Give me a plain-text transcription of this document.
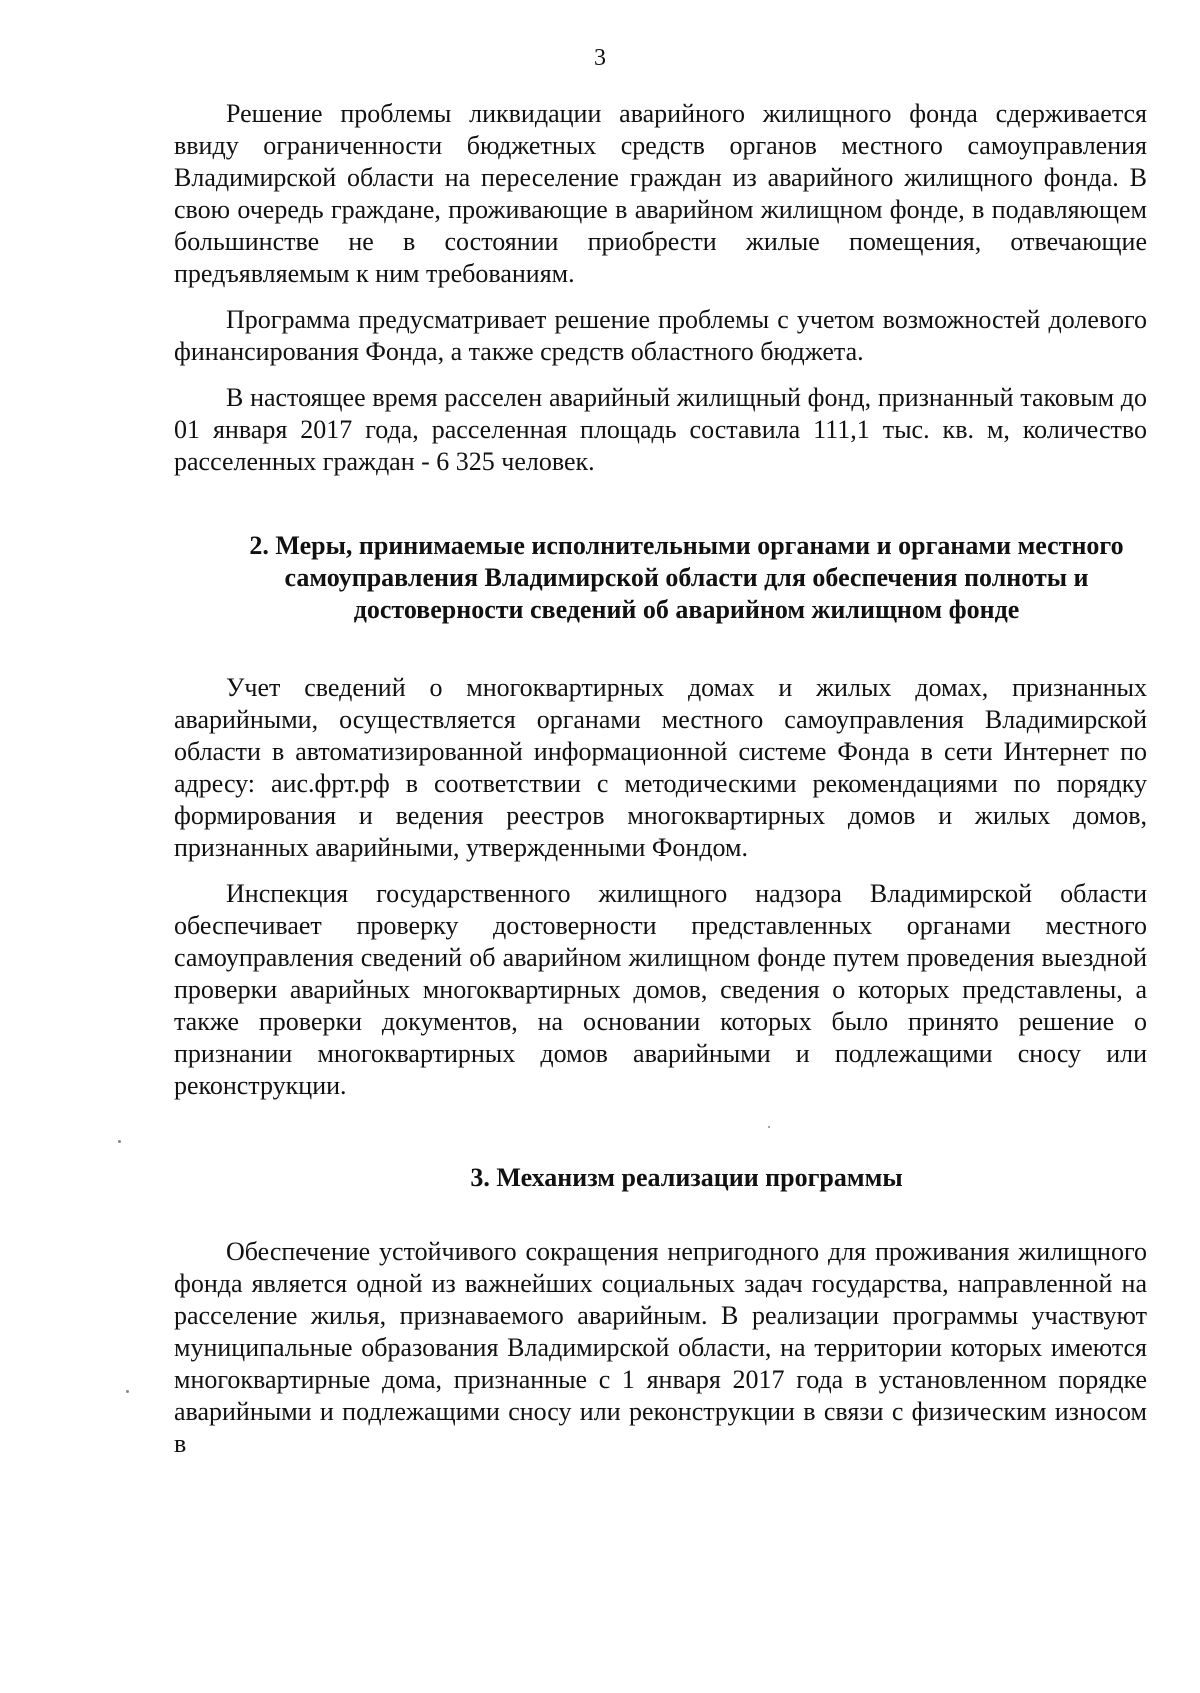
3

Решение проблемы ликвидации аварийного жилищного фонда сдерживается ввиду ограниченности бюджетных средств органов местного самоуправления Владимирской области на переселение граждан из аварийного жилищного фонда. В свою очередь граждане, проживающие в аварийном жилищном фонде, в подавляющем большинстве не в состоянии приобрести жилые помещения, отвечающие предъявляемым к ним требованиям.

Программа предусматривает решение проблемы с учетом возможностей долевого финансирования Фонда, а также средств областного бюджета.

В настоящее время расселен аварийный жилищный фонд, признанный таковым до 01 января 2017 года, расселенная площадь составила 111,1 тыс. кв. м, количество расселенных граждан - 6 325 человек.

2. Меры, принимаемые исполнительными органами и органами местного самоуправления Владимирской области для обеспечения полноты и достоверности сведений об аварийном жилищном фонде

Учет сведений о многоквартирных домах и жилых домах, признанных аварийными, осуществляется органами местного самоуправления Владимирской области в автоматизированной информационной системе Фонда в сети Интернет по адресу: аис.фрт.рф в соответствии с методическими рекомендациями по порядку формирования и ведения реестров многоквартирных домов и жилых домов, признанных аварийными, утвержденными Фондом.

Инспекция государственного жилищного надзора Владимирской области обеспечивает проверку достоверности представленных органами местного самоуправления сведений об аварийном жилищном фонде путем проведения выездной проверки аварийных многоквартирных домов, сведения о которых представлены, а также проверки документов, на основании которых было принято решение о признании многоквартирных домов аварийными и подлежащими сносу или реконструкции.

3. Механизм реализации программы

Обеспечение устойчивого сокращения непригодного для проживания жилищного фонда является одной из важнейших социальных задач государства, направленной на расселение жилья, признаваемого аварийным. В реализации программы участвуют муниципальные образования Владимирской области, на территории которых имеются многоквартирные дома, признанные с 1 января 2017 года в установленном порядке аварийными и подлежащими сносу или реконструкции в связи с физическим износом в
